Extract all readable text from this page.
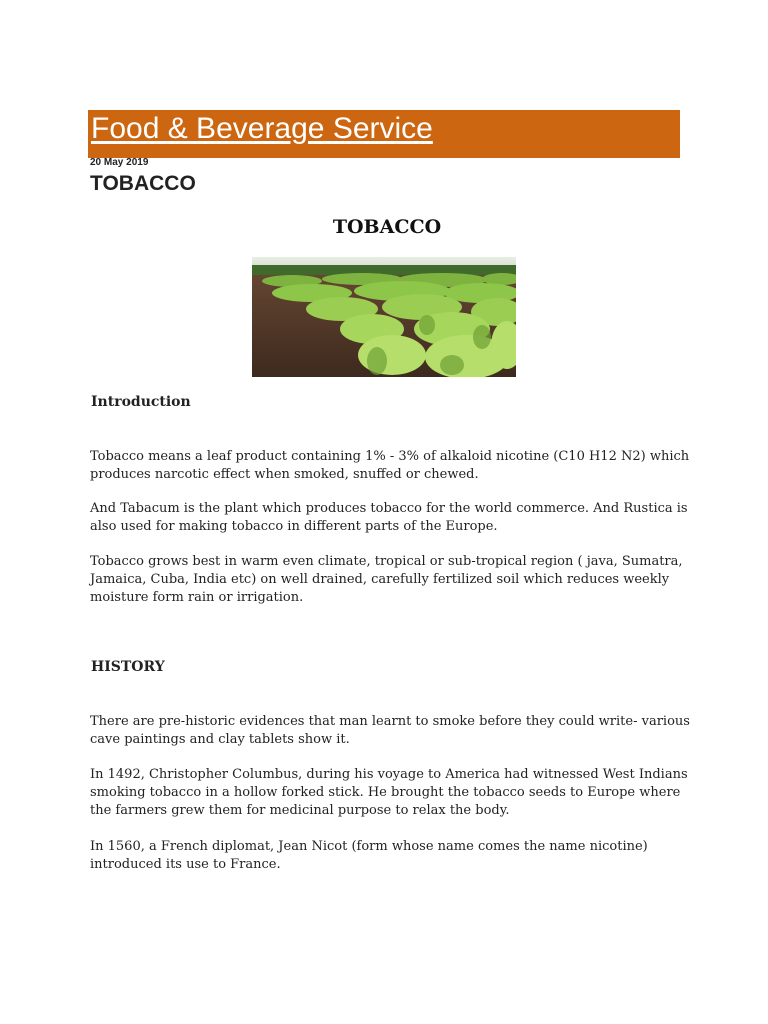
Food & Beverage Service
20 May 2019
TOBACCO
TOBACCO
Introduction

Tobacco means a leaf product containing 1% - 3% of alkaloid nicotine (C10 H12 N2) which produces narcotic effect when smoked, snuffed or chewed.

And Tabacum is the plant which produces tobacco for the world commerce. And Rustica is also used for making tobacco in different parts of the Europe.

Tobacco grows best in warm even climate, tropical or sub-tropical region ( java, Sumatra, Jamaica, Cuba, India etc) on well drained, carefully fertilized soil which reduces weekly moisture form rain or irrigation.

HISTORY

There are pre-historic evidences that man learnt to smoke before they could write- various cave paintings and clay tablets show it.

In 1492, Christopher Columbus, during his voyage to America had witnessed West Indians smoking tobacco in a hollow forked stick. He brought the tobacco seeds to Europe where the farmers grew them for medicinal purpose to relax the body.

In 1560, a French diplomat, Jean Nicot (form whose name comes the name nicotine) introduced its use to France.
